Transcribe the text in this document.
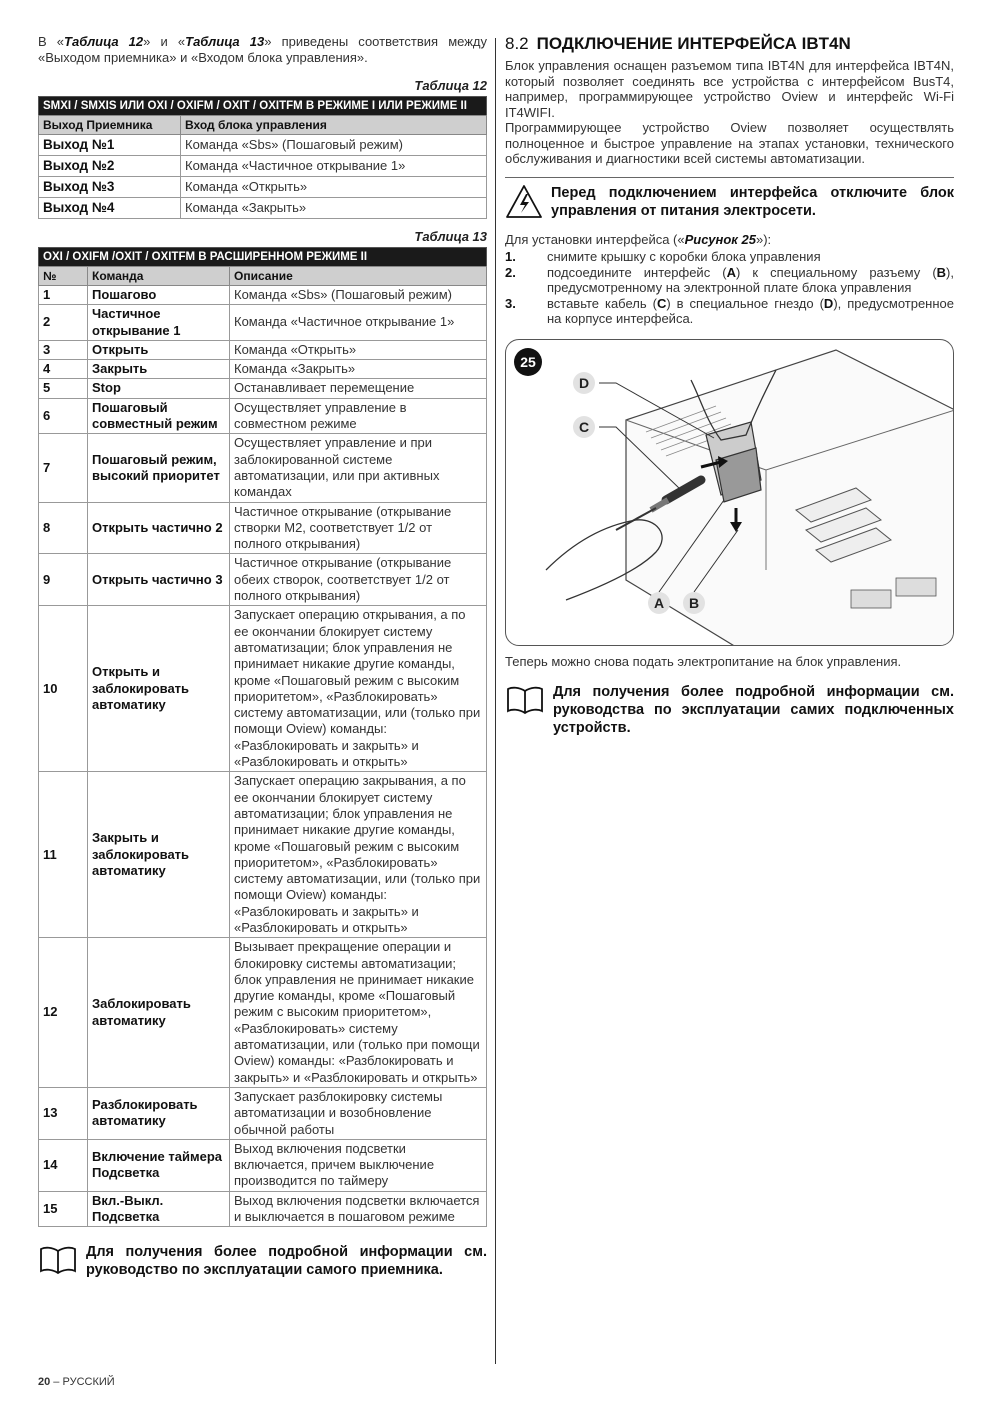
В «Таблица 12» и «Таблица 13» приведены соответствия между «Выходом приемника» и «Входом блока управления».

Таблица 12
SMXI / SMXIS ИЛИ OXI / OXIFM / OXIT / OXITFM В РЕЖИМЕ I ИЛИ РЕЖИМЕ II	
Выход Приемника	Вход блока управления
Выход №1	Команда «Sbs» (Пошаговый режим)
Выход №2	Команда «Частичное открывание 1»
Выход №3	Команда «Открыть»
Выход №4	Команда «Закрыть»
Таблица 13
OXI / OXIFM /OXIT / OXITFM В РАСШИРЕННОМ РЕЖИМЕ II		
№	Команда	Описание
1	Пошагово	Команда «Sbs» (Пошаговый режим)
2	Частичное открывание 1	Команда «Частичное открывание 1»
3	Открыть	Команда «Открыть»
4	Закрыть	Команда «Закрыть»
5	Stop	Останавливает перемещение
6	Пошаговый совместный режим	Осуществляет управление в совместном режиме
7	Пошаговый режим, высокий приоритет	Осуществляет управление и при заблокированной системе автоматизации, или при активных командах
8	Открыть частично 2	Частичное открывание (открывание створки М2, соответствует 1/2 от полного открывания)
9	Открыть частично 3	Частичное открывание (открывание обеих створок, соответствует 1/2 от полного открывания)
10	Открыть и заблокировать автоматику	Запускает операцию открывания, а по ее окончании блокирует систему автоматизации; блок управления не принимает никакие другие команды, кроме «Пошаговый режим с высоким приоритетом», «Разблокировать» систему автоматизации, или (только при помощи Oview) команды: «Разблокировать и закрыть» и «Разблокировать и открыть»
11	Закрыть и заблокировать автоматику	Запускает операцию закрывания, а по ее окончании блокирует систему автоматизации; блок управления не принимает никакие другие команды, кроме «Пошаговый режим с высоким приоритетом», «Разблокировать» систему автоматизации, или (только при помощи Oview) команды: «Разблокировать и закрыть» и «Разблокировать и открыть»
12	Заблокировать автоматику	Вызывает прекращение операции и блокировку системы автоматизации; блок управления не принимает никакие другие команды, кроме «Пошаговый режим с высоким приоритетом», «Разблокировать» систему автоматизации, или (только при помощи Oview) команды: «Разблокировать и закрыть» и «Разблокировать и открыть»
13	Разблокировать автоматику	Запускает разблокировку системы автоматизации и возобновление обычной работы
14	Включение таймера Подсветка	Выход включения подсветки включается, причем выключение производится по таймеру
15	Вкл.-Выкл. Подсветка	Выход включения подсветки включается и выключается в пошаговом режиме

Для получения более подробной информации см. руководство по эксплуатации самого приемника.

8.2 ПОДКЛЮЧЕНИЕ ИНТЕРФЕЙСА IBT4N

Блок управления оснащен разъемом типа IBT4N для интерфейса IBT4N, который позволяет соединять все устройства с интерфейсом BusT4, например, программирующее устройство Oview и интерфейс Wi-Fi IT4WIFI.

Программирующее устройство Oview позволяет осуществлять полноценное и быстрое управление на этапах установки, технического обслуживания и диагностики всей системы автоматизации.

Перед подключением интерфейса отключите блок управления от питания электросети.

Для установки интерфейса («Рисунок 25»):

1.	снимите крышку с коробки блока управления
2.	подсоедините интерфейс (A) к специальному разъему (B), предусмотренному на электронной плате блока управления
3.	вставьте кабель (C) в специальное гнездо (D), предусмотренное на корпусе интерфейса.
25
D
C
A B

Теперь можно снова подать электропитание на блок управления.

Для получения более подробной информации см. руководства по эксплуатации самих подключенных устройств.

20 – РУССКИЙ
